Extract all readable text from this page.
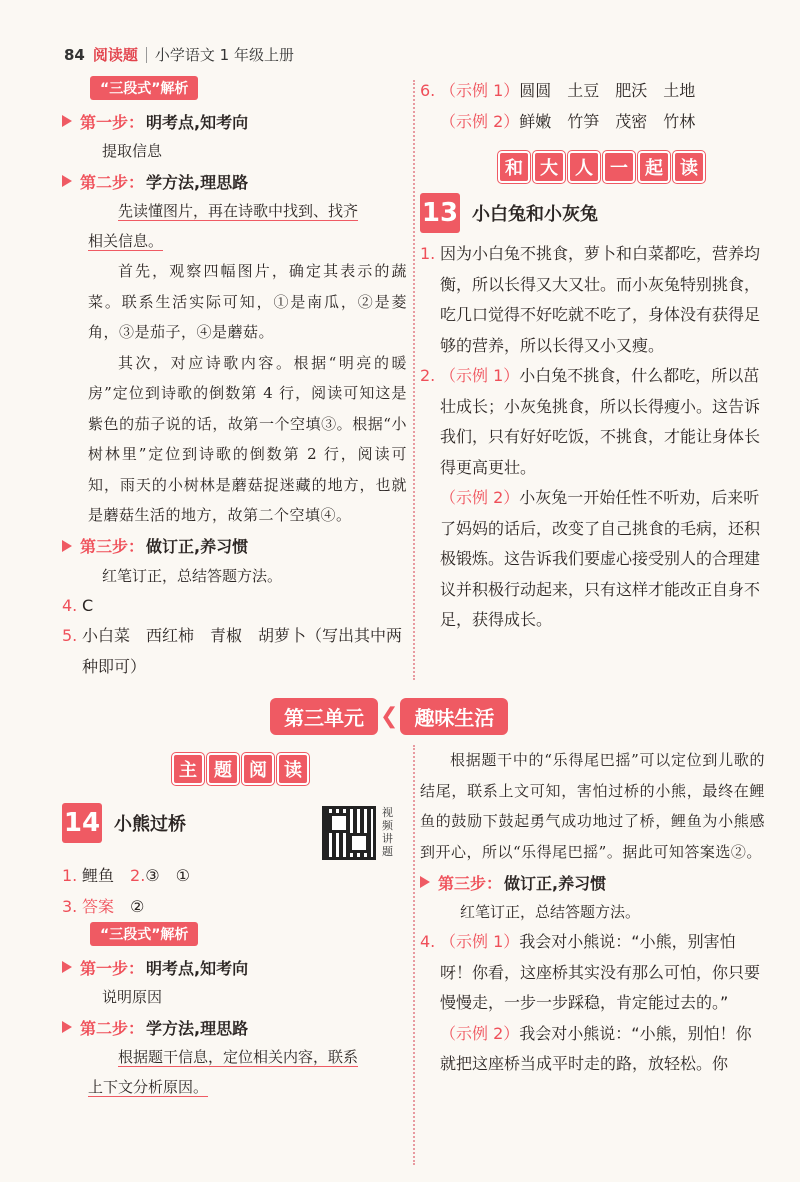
84 阅读题 小学语文 1 年级上册
“三段式”解析
第一步： 明考点,知考向
提取信息
第二步： 学方法,理思路
先读懂图片，再在诗歌中找到、找齐
相关信息。
首先，观察四幅图片，确定其表示的蔬菜。联系生活实际可知，①是南瓜，②是菱角，③是茄子，④是蘑菇。
其次，对应诗歌内容。根据“明亮的暖房”定位到诗歌的倒数第 4 行，阅读可知这是紫色的茄子说的话，故第一个空填③。根据“小树林里”定位到诗歌的倒数第 2 行，阅读可知，雨天的小树林是蘑菇捉迷藏的地方，也就是蘑菇生活的地方，故第二个空填④。
第三步： 做订正,养习惯
红笔订正，总结答题方法。
4. C
5. 小白菜　西红柿　青椒　胡萝卜（写出其中两种即可）
6. （示例 1）圆圆　土豆　肥沃　土地
（示例 2）鲜嫩　竹笋　茂密　竹林
和 大 人 一 起 读
13 小白兔和小灰兔
1. 因为小白兔不挑食，萝卜和白菜都吃，营养均衡，所以长得又大又壮。而小灰兔特别挑食，吃几口觉得不好吃就不吃了，身体没有获得足够的营养，所以长得又小又瘦。
2. （示例 1）小白兔不挑食，什么都吃，所以茁壮成长；小灰兔挑食，所以长得瘦小。这告诉我们，只有好好吃饭，不挑食，才能让身体长得更高更壮。
（示例 2）小灰兔一开始任性不听劝，后来听了妈妈的话后，改变了自己挑食的毛病，还积极锻炼。这告诉我们要虚心接受别人的合理建议并积极行动起来，只有这样才能改正自身不足，获得成长。
第三单元 ❮ 趣味生活
主 题 阅 读
14 小熊过桥
1. 鲤鱼　 2.③　①
3. 答案　 ②
“三段式”解析
第一步： 明考点,知考向
说明原因
第二步： 学方法,理思路
根据题干信息，定位相关内容，联系
上下文分析原因。
视频讲题
根据题干中的“乐得尾巴摇”可以定位到儿歌的结尾，联系上文可知，害怕过桥的小熊，最终在鲤鱼的鼓励下鼓起勇气成功地过了桥，鲤鱼为小熊感到开心，所以“乐得尾巴摇”。据此可知答案选②。
第三步： 做订正,养习惯
红笔订正，总结答题方法。
4. （示例 1）我会对小熊说：“小熊，别害怕呀！你看，这座桥其实没有那么可怕，你只要慢慢走，一步一步踩稳，肯定能过去的。”
（示例 2）我会对小熊说：“小熊，别怕！你就把这座桥当成平时走的路，放轻松。你
